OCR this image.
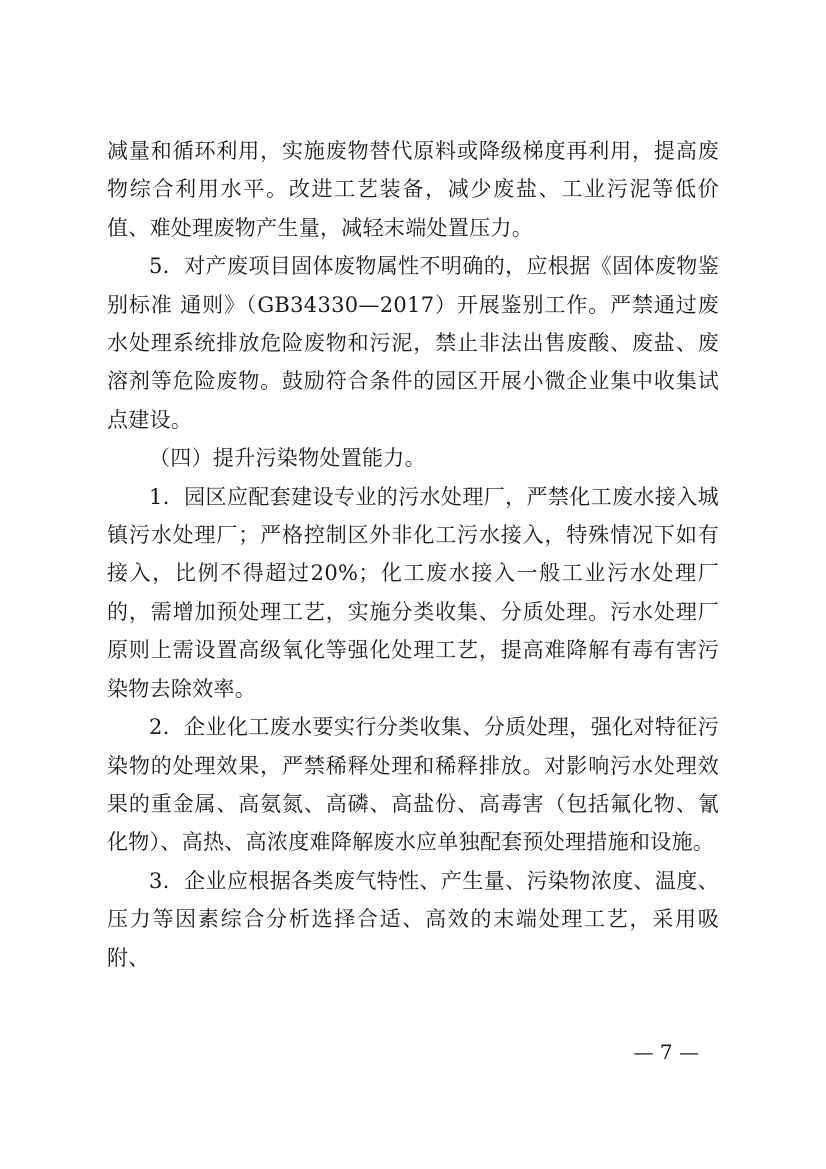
减量和循环利用，实施废物替代原料或降级梯度再利用，提高废物综合利用水平。改进工艺装备，减少废盐、工业污泥等低价值、难处理废物产生量，减轻末端处置压力。

5．对产废项目固体废物属性不明确的，应根据《固体废物鉴别标准 通则》（GB34330—2017）开展鉴别工作。严禁通过废水处理系统排放危险废物和污泥，禁止非法出售废酸、废盐、废溶剂等危险废物。鼓励符合条件的园区开展小微企业集中收集试点建设。

（四）提升污染物处置能力。

1．园区应配套建设专业的污水处理厂，严禁化工废水接入城镇污水处理厂；严格控制区外非化工污水接入，特殊情况下如有接入，比例不得超过20%；化工废水接入一般工业污水处理厂的，需增加预处理工艺，实施分类收集、分质处理。污水处理厂原则上需设置高级氧化等强化处理工艺，提高难降解有毒有害污染物去除效率。

2．企业化工废水要实行分类收集、分质处理，强化对特征污染物的处理效果，严禁稀释处理和稀释排放。对影响污水处理效果的重金属、高氨氮、高磷、高盐份、高毒害（包括氟化物、氰化物）、高热、高浓度难降解废水应单独配套预处理措施和设施。

3．企业应根据各类废气特性、产生量、污染物浓度、温度、压力等因素综合分析选择合适、高效的末端处理工艺，采用吸附、

— 7 —
